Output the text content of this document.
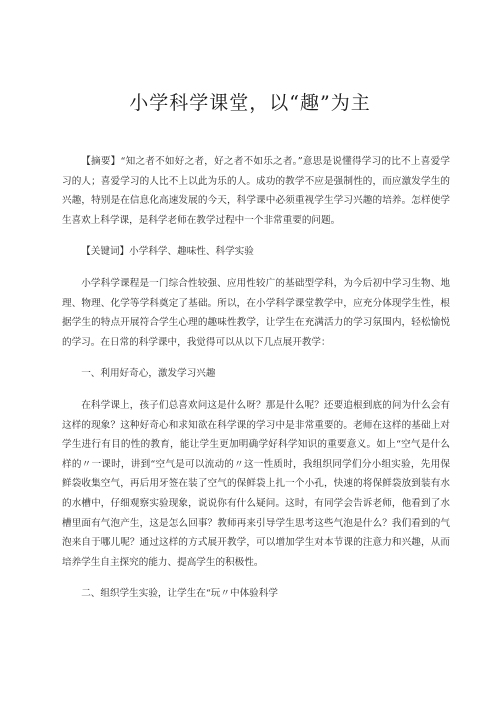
小学科学课堂，以“趣”为主

【摘要】“知之者不如好之者，好之者不如乐之者。”意思是说懂得学习的比不上喜爱学习的人；喜爱学习的人比不上以此为乐的人。成功的教学不应是强制性的，而应激发学生的兴趣，特别是在信息化高速发展的今天，科学课中必须重视学生学习兴趣的培养。怎样使学生喜欢上科学课，是科学老师在教学过程中一个非常重要的问题。

【关键词】小学科学、趣味性、科学实验

小学科学课程是一门综合性较强、应用性较广的基础型学科，为今后初中学习生物、地理、物理、化学等学科奠定了基础。所以，在小学科学课堂教学中，应充分体现学生性，根据学生的特点开展符合学生心理的趣味性教学，让学生在充满活力的学习氛围内，轻松愉悦的学习。在日常的科学课中，我觉得可以从以下几点展开教学：

一、利用好奇心，激发学习兴趣

在科学课上，孩子们总喜欢问这是什么呀？那是什么呢？还要追根到底的问为什么会有这样的现象？这种好奇心和求知欲在科学课的学习中是非常重要的。老师在这样的基础上对学生进行有目的性的教育，能让学生更加明确学好科学知识的重要意义。如上“空气是什么样的〃一课时，讲到“空气是可以流动的〃这一性质时，我组织同学们分小组实验，先用保鲜袋收集空气，再后用牙签在装了空气的保鲜袋上扎一个小孔，快速的将保鲜袋放到装有水的水槽中，仔细观察实验现象，说说你有什么疑问。这时，有同学会告诉老师，他看到了水槽里面有气泡产生，这是怎么回事？教师再来引导学生思考这些气泡是什么？我们看到的气泡来自于哪儿呢？通过这样的方式展开教学，可以增加学生对本节课的注意力和兴趣，从而培养学生自主探究的能力、提高学生的积极性。

二、组织学生实验，让学生在“玩〃中体验科学
